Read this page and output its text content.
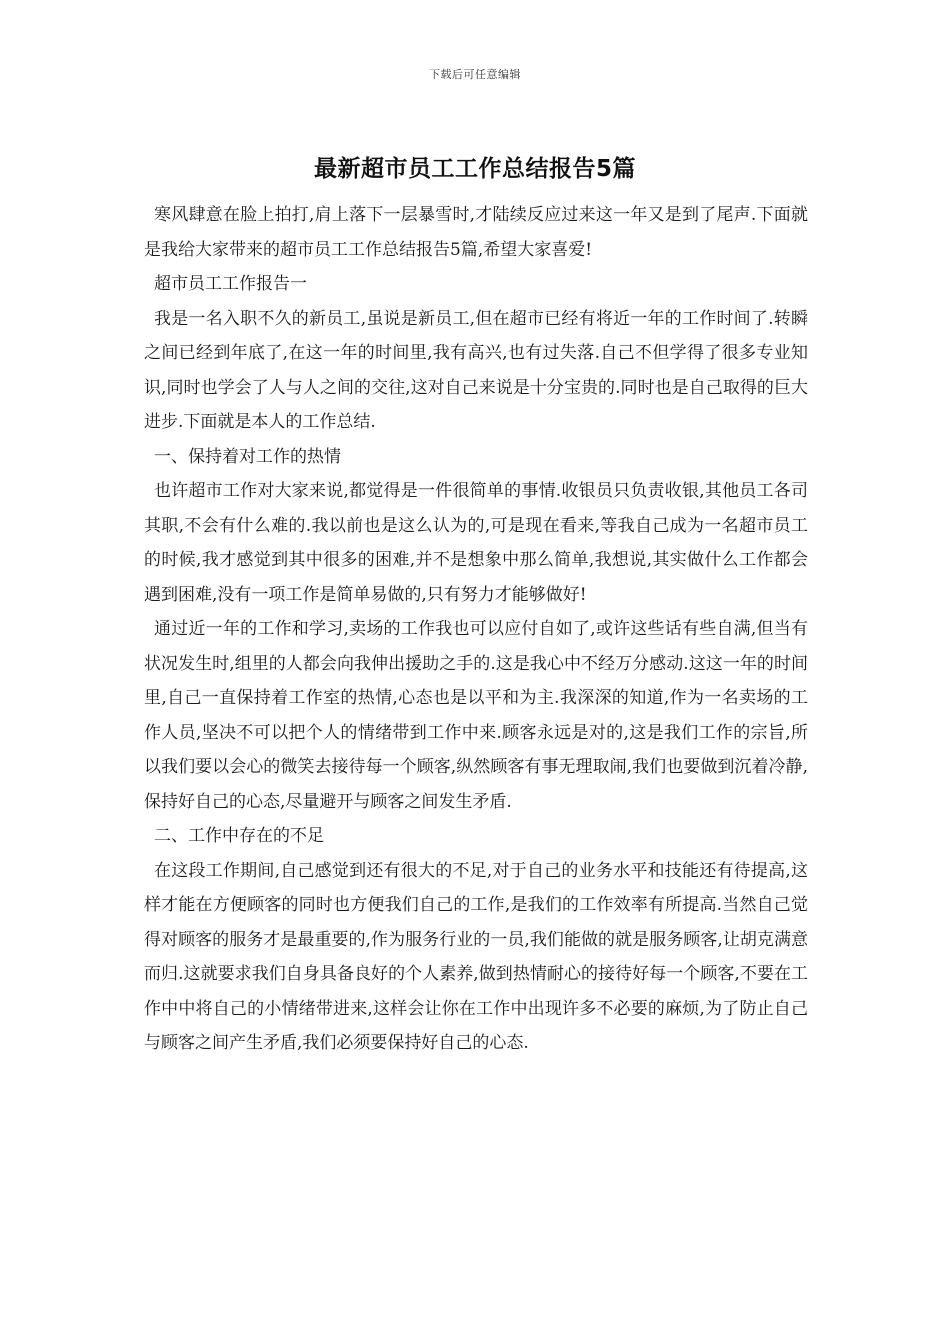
下载后可任意编辑
最新超市员工工作总结报告5篇

寒风肆意在脸上拍打,肩上落下一层暴雪时,才陆续反应过来这一年又是到了尾声.下面就是我给大家带来的超市员工工作总结报告5篇,希望大家喜爱!

超市员工工作报告一

我是一名入职不久的新员工,虽说是新员工,但在超市已经有将近一年的工作时间了.转瞬之间已经到年底了,在这一年的时间里,我有高兴,也有过失落.自己不但学得了很多专业知识,同时也学会了人与人之间的交往,这对自己来说是十分宝贵的.同时也是自己取得的巨大进步.下面就是本人的工作总结.

一、保持着对工作的热情

也许超市工作对大家来说,都觉得是一件很简单的事情.收银员只负责收银,其他员工各司其职,不会有什么难的.我以前也是这么认为的,可是现在看来,等我自己成为一名超市员工的时候,我才感觉到其中很多的困难,并不是想象中那么简单,我想说,其实做什么工作都会遇到困难,没有一项工作是简单易做的,只有努力才能够做好!

通过近一年的工作和学习,卖场的工作我也可以应付自如了,或许这些话有些自满,但当有状况发生时,组里的人都会向我伸出援助之手的.这是我心中不经万分感动.这这一年的时间里,自己一直保持着工作室的热情,心态也是以平和为主.我深深的知道,作为一名卖场的工作人员,坚决不可以把个人的情绪带到工作中来.顾客永远是对的,这是我们工作的宗旨,所以我们要以会心的微笑去接待每一个顾客,纵然顾客有事无理取闹,我们也要做到沉着冷静,保持好自己的心态,尽量避开与顾客之间发生矛盾.

二、工作中存在的不足

在这段工作期间,自己感觉到还有很大的不足,对于自己的业务水平和技能还有待提高,这样才能在方便顾客的同时也方便我们自己的工作,是我们的工作效率有所提高.当然自己觉得对顾客的服务才是最重要的,作为服务行业的一员,我们能做的就是服务顾客,让胡克满意而归.这就要求我们自身具备良好的个人素养,做到热情耐心的接待好每一个顾客,不要在工作中中将自己的小情绪带进来,这样会让你在工作中出现许多不必要的麻烦,为了防止自己与顾客之间产生矛盾,我们必须要保持好自己的心态.
